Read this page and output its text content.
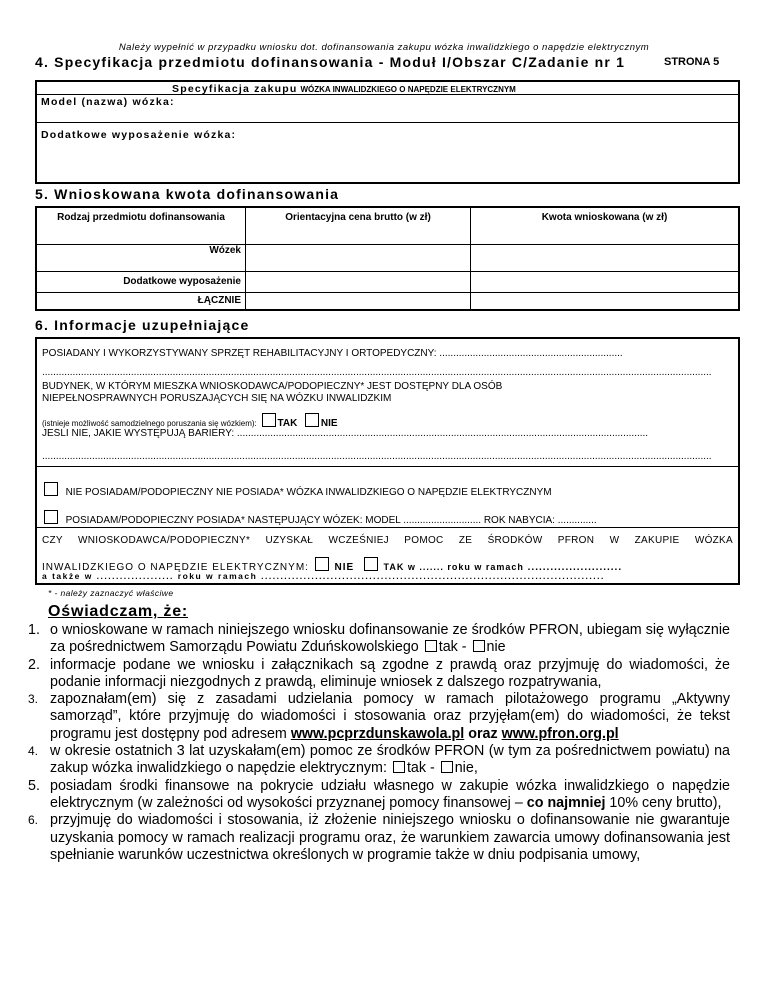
Należy wypełnić w przypadku wniosku dot. dofinansowania zakupu wózka inwalidzkiego o napędzie elektrycznym
4. Specyfikacja przedmiotu dofinansowania - Moduł I/Obszar C/Zadanie nr 1	STRONA 5
Specyfikacja zakupu WÓZKA INWALIDZKIEGO O NAPĘDZIE ELEKTRYCZNYM
Model (nazwa) wózka:
Dodatkowe wyposażenie wózka:
5. Wnioskowana kwota dofinansowania
Rodzaj przedmiotu dofinansowania	Orientacyjna cena brutto (w zł)	Kwota wnioskowana (w zł)
Wózek		
Dodatkowe wyposażenie		
ŁĄCZNIE		
6. Informacje uzupełniające
POSIADANY I WYKORZYSTYWANY SPRZĘT REHABILITACYJNY I ORTOPEDYCZNY: ..................................................................
.................................................................................................................................................................................................................................................
BUDYNEK, W KTÓRYM MIESZKA WNIOSKODAWCA/PODOPIECZNY* JEST DOSTĘPNY DLA OSÓB
NIEPEŁNOSPRAWNYCH PORUSZAJĄCYCH SIĘ NA WÓZKU INWALIDZKIM
(istnieje możliwość samodzielnego poruszania się wózkiem): TAK NIE
JEŚLI NIE, JAKIE WYSTĘPUJĄ BARIERY: ....................................................................................................................................................
.................................................................................................................................................................................................................................................
NIE POSIADAM/PODOPIECZNY NIE POSIADA* WÓZKA INWALIDZKIEGO O NAPĘDZIE ELEKTRYCZNYM
POSIADAM/PODOPIECZNY POSIADA* NASTĘPUJĄCY WÓZEK: MODEL ............................ ROK NABYCIA: ..............
CZY WNIOSKODAWCA/PODOPIECZNY* UZYSKAŁ WCZEŚNIEJ POMOC ZE ŚRODKÓW PFRON W ZAKUPIE WÓZKA
INWALIDZKIEGO O NAPĘDZIE ELEKTRYCZNYM:	NIE	TAK w ....... roku w ramach .........................
a także w .................... roku w ramach .........................................................................................
* - należy zaznaczyć właściwe
Oświadczam, że:
1. o wnioskowane w ramach niniejszego wniosku dofinansowanie ze środków PFRON, ubiegam się wyłącznie za pośrednictwem Samorządu Powiatu Zduńskowolskiego tak - nie
2. informacje podane we wniosku i załącznikach są zgodne z prawdą oraz przyjmuję do wiadomości, że podanie informacji niezgodnych z prawdą, eliminuje wniosek z dalszego rozpatrywania,
3. zapoznałam(em) się z zasadami udzielania pomocy w ramach pilotażowego programu „Aktywny samorząd”, które przyjmuję do wiadomości i stosowania oraz przyjęłam(em) do wiadomości, że tekst programu jest dostępny pod adresem www.pcprzdunskawola.pl oraz www.pfron.org.pl
4. w okresie ostatnich 3 lat uzyskałam(em) pomoc ze środków PFRON (w tym za pośrednictwem powiatu) na zakup wózka inwalidzkiego o napędzie elektrycznym: tak - nie,
5. posiadam środki finansowe na pokrycie udziału własnego w zakupie wózka inwalidzkiego o napędzie elektrycznym (w zależności od wysokości przyznanej pomocy finansowej – co najmniej 10% ceny brutto),
6. przyjmuję do wiadomości i stosowania, iż złożenie niniejszego wniosku o dofinansowanie nie gwarantuje uzyskania pomocy w ramach realizacji programu oraz, że warunkiem zawarcia umowy dofinansowania jest spełnianie warunków uczestnictwa określonych w programie także w dniu podpisania umowy,
